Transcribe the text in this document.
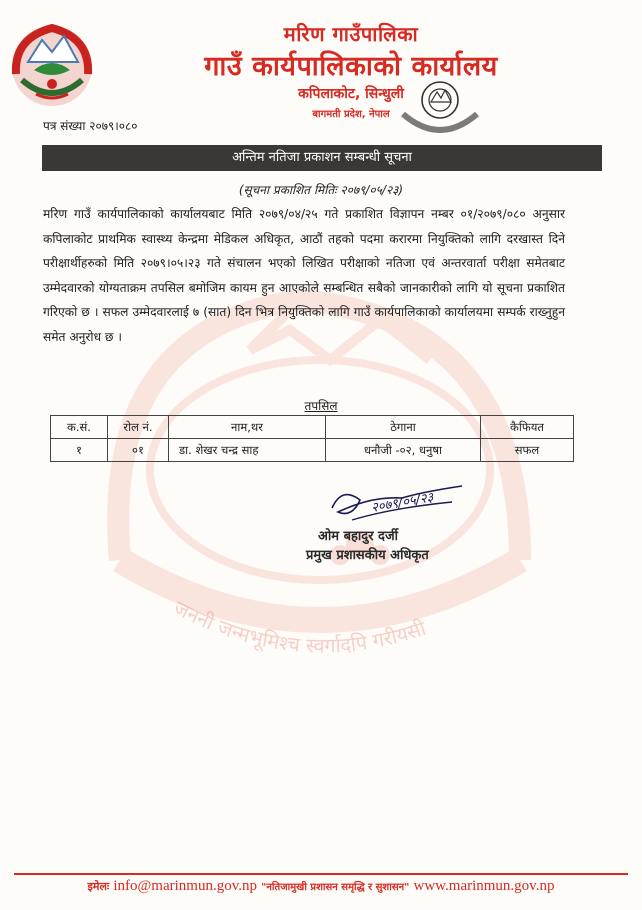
जननी जन्मभूमिश्च स्वर्गादपि गरीयसी
मरिण गाउँपालिका
गाउँ कार्यपालिकाको कार्यालय
कपिलाकोट, सिन्धुली
बागमती प्रदेश, नेपाल
पत्र संख्या २०७९।०८०
अन्तिम नतिजा प्रकाशन सम्बन्धी सूचना
(सूचना प्रकाशित मितिः २०७९/०५/२३)
मरिण गाउँ कार्यपालिकाको कार्यालयबाट मिति २०७९/०४/२५ गते प्रकाशित विज्ञापन नम्बर ०१/२०७९/०८० अनुसार कपिलाकोट प्राथमिक स्वास्थ्य केन्द्रमा मेडिकल अधिकृत, आठौं तहको पदमा करारमा नियुक्तिको लागि दरखास्त दिने परीक्षार्थीहरुको मिति २०७९।०५।२३ गते संचालन भएको लिखित परीक्षाको नतिजा एवं अन्तरवार्ता परीक्षा समेतबाट उम्मेदवारको योग्यताक्रम तपसिल बमोजिम कायम हुन आएकोले सम्बन्धित सबैको जानकारीको लागि यो सूचना प्रकाशित गरिएको छ । सफल उम्मेदवारलाई ७ (सात) दिन भित्र नियुक्तिको लागि गाउँ कार्यपालिकाको कार्यालयमा सम्पर्क राख्नुहुन समेत अनुरोध छ ।
तपसिल
क.सं.	रोल नं.	नाम,थर	ठेगाना	कैफियत
१	०१	डा. शेखर चन्द्र साह	धनौजी -०२, धनुषा	सफल
२०७९/०५/२३
ओम बहादुर दर्जी
प्रमुख प्रशासकीय अधिकृत
इमेलः info@marinmun.gov.np "नतिजामुखी प्रशासन समृद्धि र सुशासन" www.marinmun.gov.np
